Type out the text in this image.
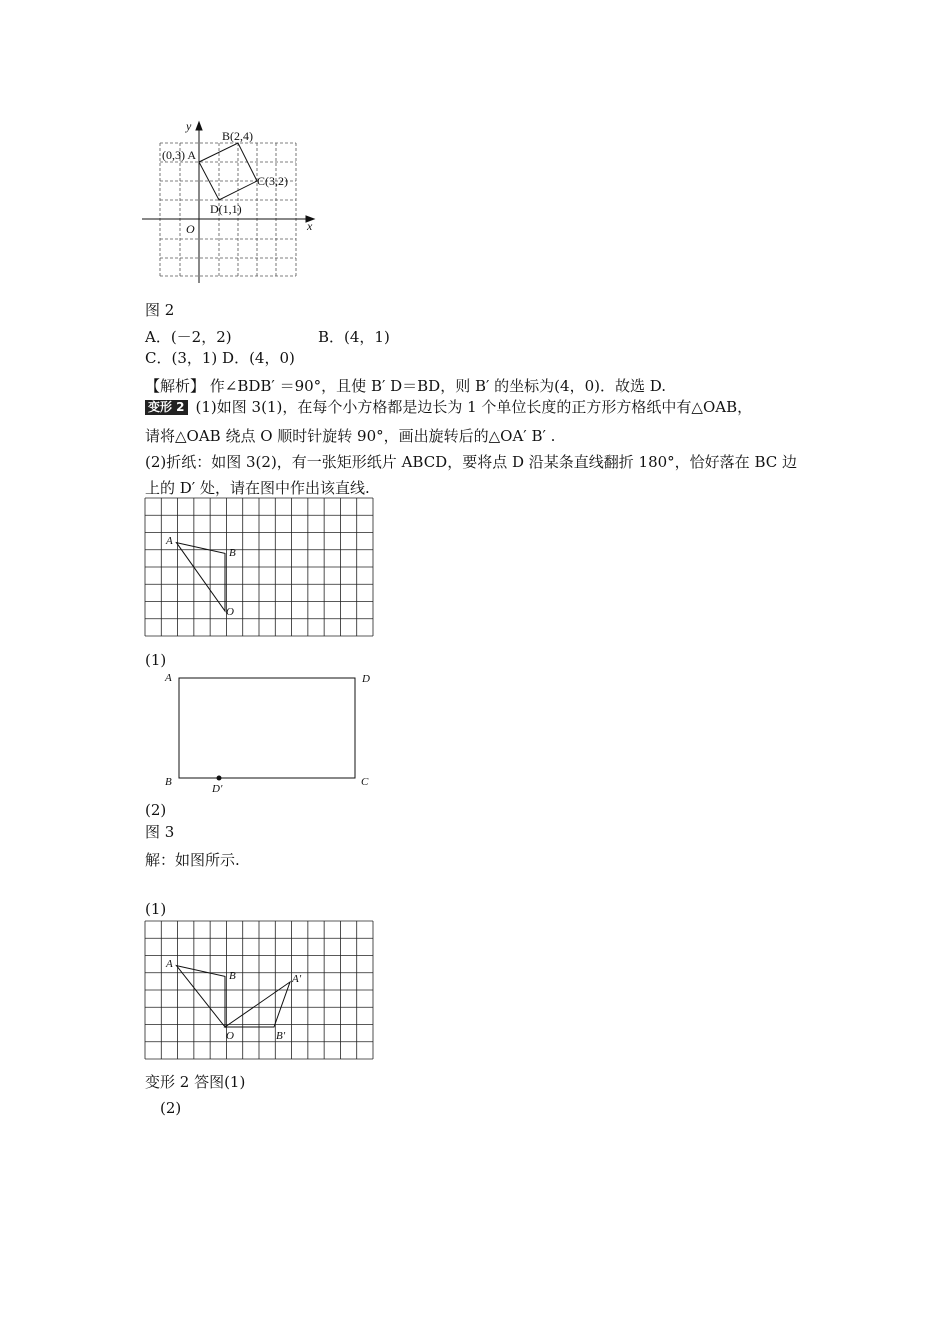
y
x
O
(0,3) A
B(2,4)
C(3,2)
D(1,1)
图 2
A．(－2，2)	B．(4，1)
C．(3，1) D．(4，0)
【解析】 作∠BDB′ ＝90°，且使 B′ D＝BD，则 B′ 的坐标为(4，0)．故选 D.
变形 2 (1)如图 3(1)，在每个小方格都是边长为 1 个单位长度的正方形方格纸中有△OAB，
请将△OAB 绕点 O 顺时针旋转 90°，画出旋转后的△OA′ B′ .
(2)折纸：如图 3(2)，有一张矩形纸片 ABCD，要将点 D 沿某条直线翻折 180°，恰好落在 BC 边
上的 D′ 处，请在图中作出该直线.
A
B
O
(1)
A	D
B	C
D′
(2)
图 3
解：如图所示.
(1)
A
B
O
A′
B′
变形 2 答图(1)
(2)
